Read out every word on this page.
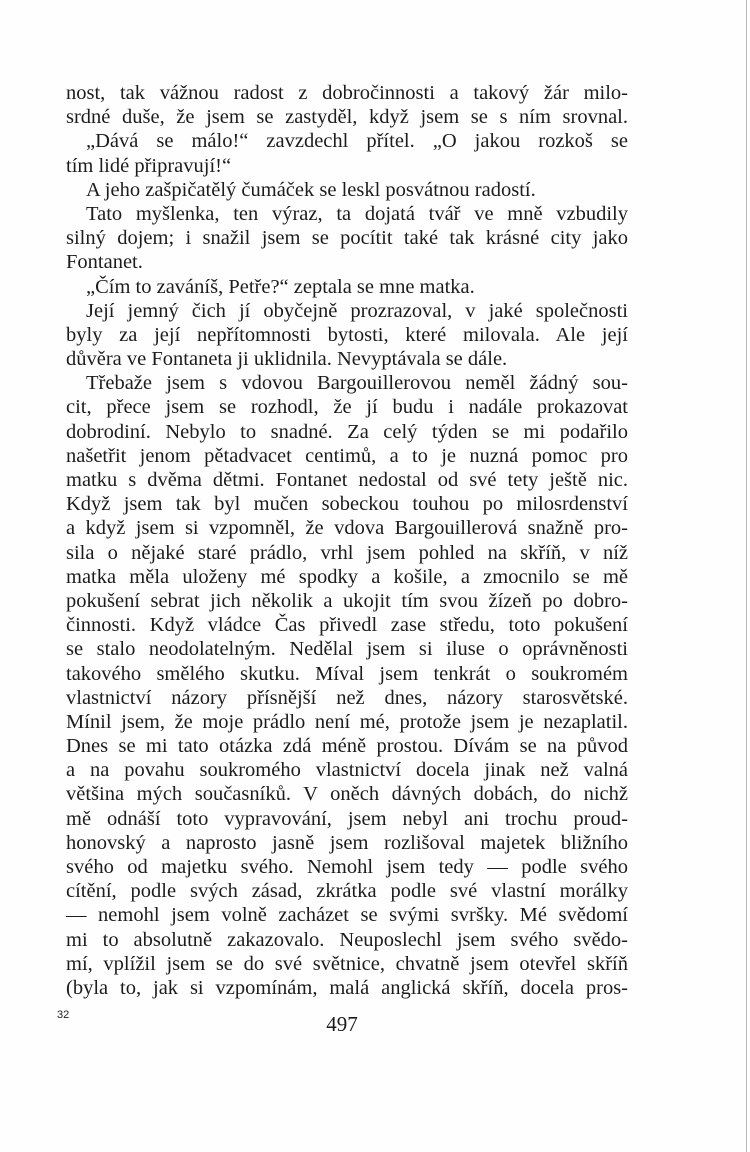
nost, tak vážnou radost z dobročinnosti a takový žár milo-
srdné duše, že jsem se zastyděl, když jsem se s ním srovnal.
„Dává se málo!“ zavzdechl přítel. „O jakou rozkoš se
tím lidé připravují!“
A jeho zašpičatělý čumáček se leskl posvátnou radostí.
Tato myšlenka, ten výraz, ta dojatá tvář ve mně vzbudily
silný dojem; i snažil jsem se pocítit také tak krásné city jako
Fontanet.
„Čím to zaváníš, Petře?“ zeptala se mne matka.
Její jemný čich jí obyčejně prozrazoval, v jaké společnosti
byly za její nepřítomnosti bytosti, které milovala. Ale její
důvěra ve Fontaneta ji uklidnila. Nevyptávala se dále.
Třebaže jsem s vdovou Bargouillerovou neměl žádný sou-
cit, přece jsem se rozhodl, že jí budu i nadále prokazovat
dobrodiní. Nebylo to snadné. Za celý týden se mi podařilo
našetřit jenom pětadvacet centimů, a to je nuzná pomoc pro
matku s dvěma dětmi. Fontanet nedostal od své tety ještě nic.
Když jsem tak byl mučen sobeckou touhou po milosrdenství
a když jsem si vzpomněl, že vdova Bargouillerová snažně pro-
sila o nějaké staré prádlo, vrhl jsem pohled na skříň, v níž
matka měla uloženy mé spodky a košile, a zmocnilo se mě
pokušení sebrat jich několik a ukojit tím svou žízeň po dobro-
činnosti. Když vládce Čas přivedl zase středu, toto pokušení
se stalo neodolatelným. Nedělal jsem si iluse o oprávněnosti
takového smělého skutku. Míval jsem tenkrát o soukromém
vlastnictví názory přísnější než dnes, názory starosvětské.
Mínil jsem, že moje prádlo není mé, protože jsem je nezaplatil.
Dnes se mi tato otázka zdá méně prostou. Dívám se na původ
a na povahu soukromého vlastnictví docela jinak než valná
většina mých současníků. V oněch dávných dobách, do nichž
mě odnáší toto vypravování, jsem nebyl ani trochu proud-
honovský a naprosto jasně jsem rozlišoval majetek bližního
svého od majetku svého. Nemohl jsem tedy — podle svého
cítění, podle svých zásad, zkrátka podle své vlastní morálky
— nemohl jsem volně zacházet se svými svršky. Mé svědomí
mi to absolutně zakazovalo. Neuposlechl jsem svého svědo-
mí, vplížil jsem se do své světnice, chvatně jsem otevřel skříň
(byla to, jak si vzpomínám, malá anglická skříň, docela pros-
32	497
